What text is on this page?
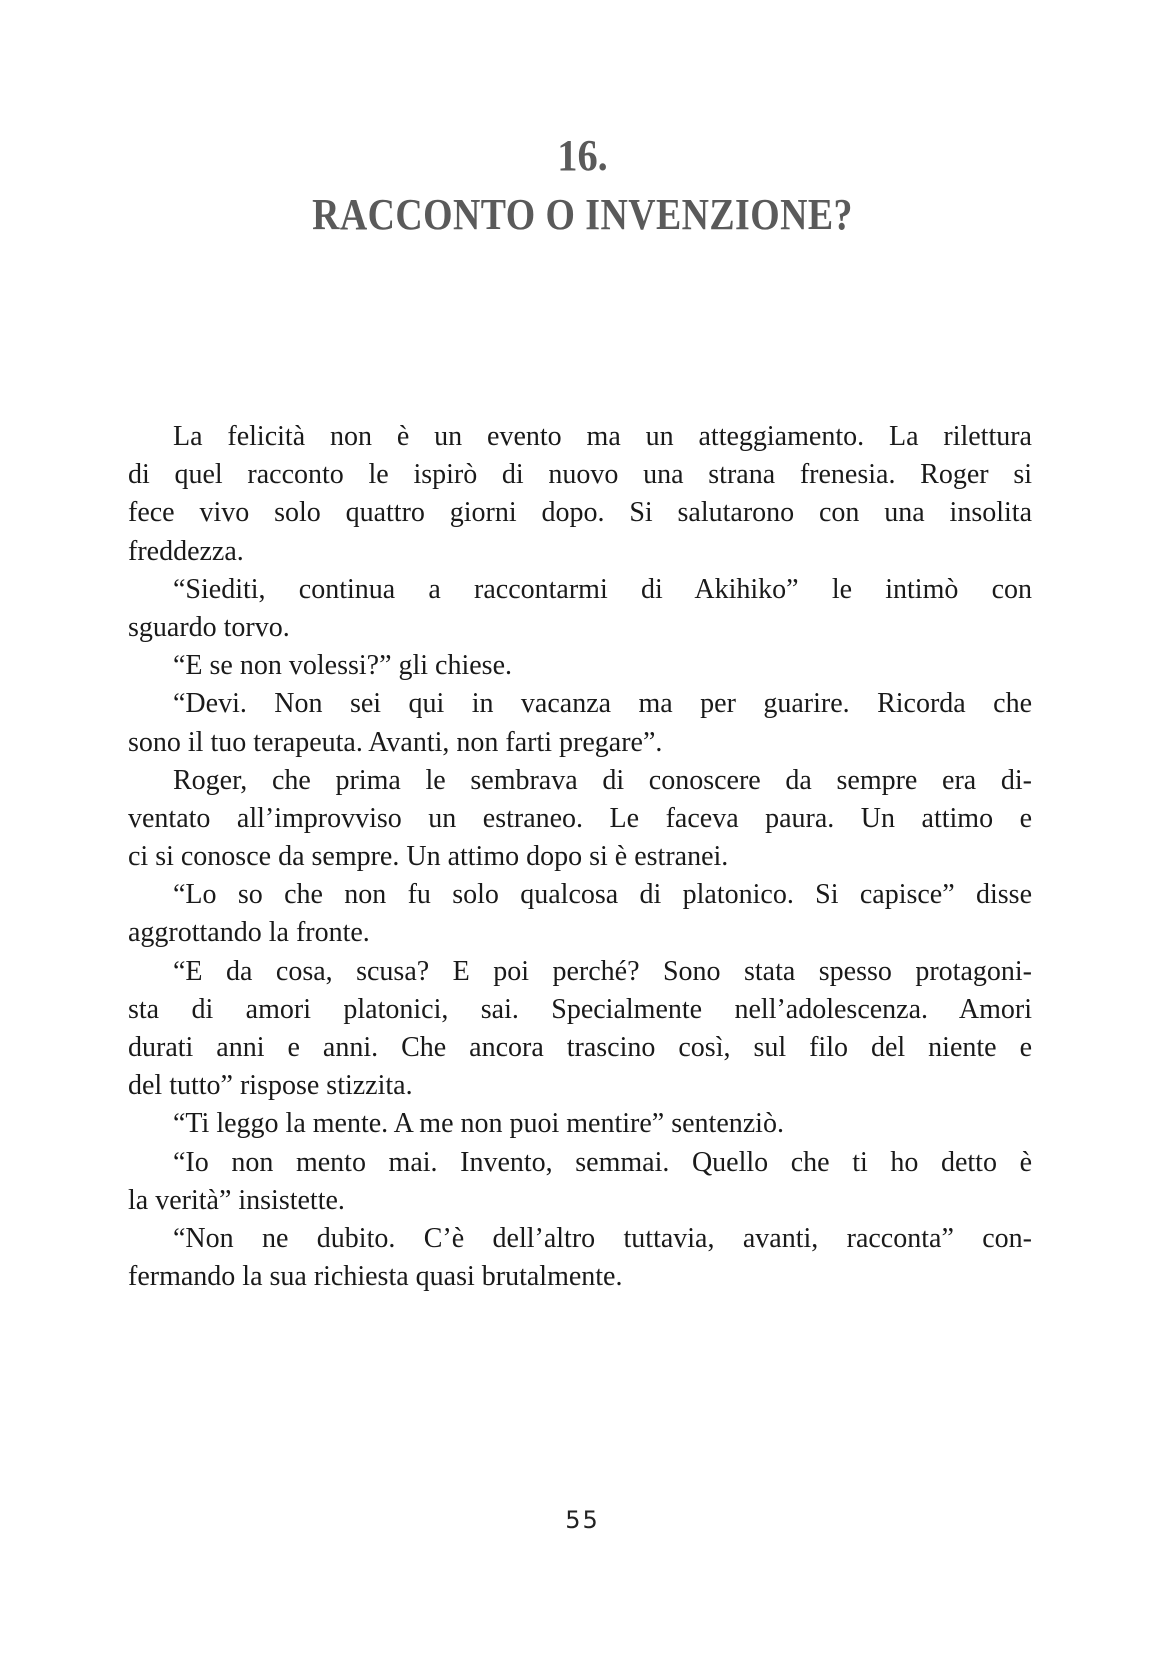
16.
RACCONTO O INVENZIONE?
La felicità non è un evento ma un atteggiamento. La rilettura
di quel racconto le ispirò di nuovo una strana frenesia. Roger si
fece vivo solo quattro giorni dopo. Si salutarono con una insolita
freddezza.
“Siediti, continua a raccontarmi di Akihiko” le intimò con
sguardo torvo.
“E se non volessi?” gli chiese.
“Devi. Non sei qui in vacanza ma per guarire. Ricorda che
sono il tuo terapeuta. Avanti, non farti pregare”.
Roger, che prima le sembrava di conoscere da sempre era di-
ventato all’improvviso un estraneo. Le faceva paura. Un attimo e
ci si conosce da sempre. Un attimo dopo si è estranei.
“Lo so che non fu solo qualcosa di platonico. Si capisce” disse
aggrottando la fronte.
“E da cosa, scusa? E poi perché? Sono stata spesso protagoni-
sta di amori platonici, sai. Specialmente nell’adolescenza. Amori
durati anni e anni. Che ancora trascino così, sul filo del niente e
del tutto” rispose stizzita.
“Ti leggo la mente. A me non puoi mentire” sentenziò.
“Io non mento mai. Invento, semmai. Quello che ti ho detto è
la verità” insistette.
“Non ne dubito. C’è dell’altro tuttavia, avanti, racconta” con-
fermando la sua richiesta quasi brutalmente.
55
